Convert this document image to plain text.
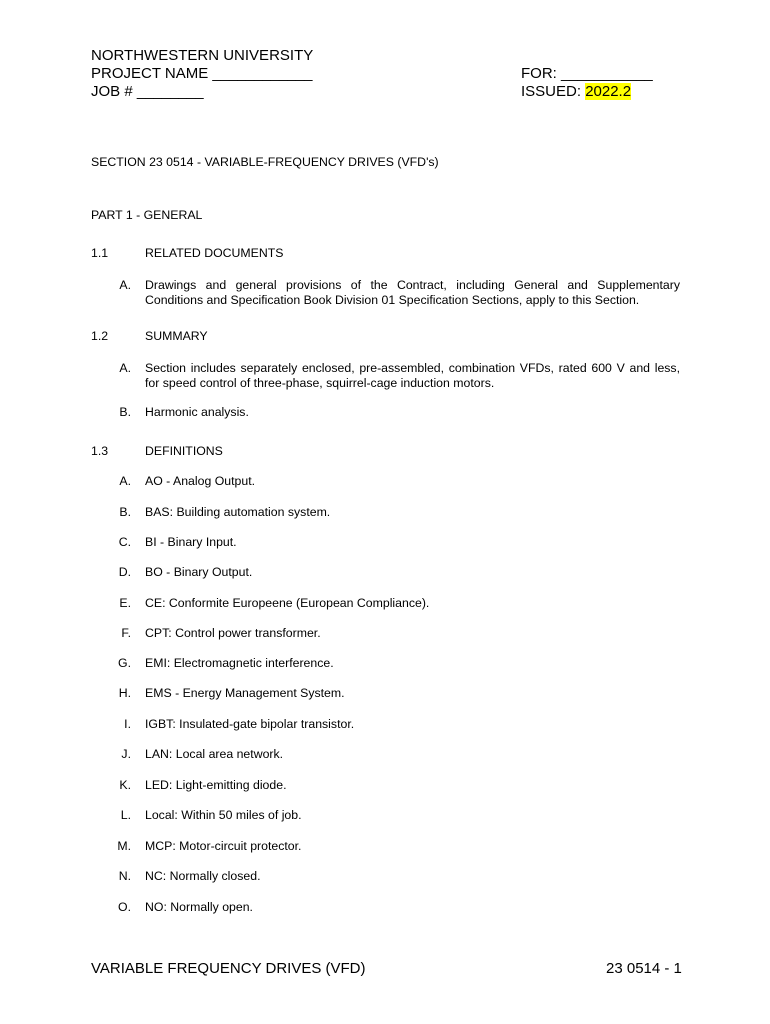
NORTHWESTERN UNIVERSITY
PROJECT NAME ____________
JOB # ________
FOR: ___________
ISSUED: 2022.2
SECTION 23 0514 - VARIABLE-FREQUENCY DRIVES (VFD's)
PART 1 - GENERAL
1.1	RELATED DOCUMENTS
A. Drawings and general provisions of the Contract, including General and Supplementary Conditions and Specification Book Division 01 Specification Sections, apply to this Section.
1.2	SUMMARY
A. Section includes separately enclosed, pre-assembled, combination VFDs, rated 600 V and less, for speed control of three-phase, squirrel-cage induction motors.
B. Harmonic analysis.
1.3	DEFINITIONS
A. AO - Analog Output.
B. BAS: Building automation system.
C. BI - Binary Input.
D. BO - Binary Output.
E. CE: Conformite Europeene (European Compliance).
F. CPT: Control power transformer.
G. EMI: Electromagnetic interference.
H. EMS - Energy Management System.
I. IGBT: Insulated-gate bipolar transistor.
J. LAN: Local area network.
K. LED: Light-emitting diode.
L. Local: Within 50 miles of job.
M. MCP: Motor-circuit protector.
N. NC: Normally closed.
O. NO: Normally open.
VARIABLE FREQUENCY DRIVES (VFD)	23 0514 - 1
